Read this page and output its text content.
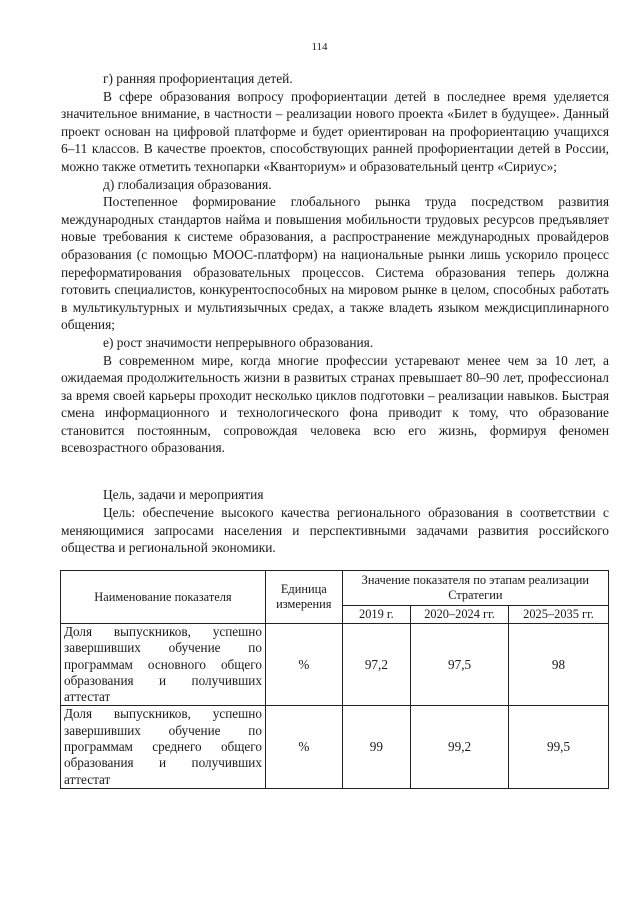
114

г) ранняя профориентация детей.

В сфере образования вопросу профориентации детей в последнее время уделяется значительное внимание, в частности – реализации нового проекта «Билет в будущее». Данный проект основан на цифровой платформе и будет ориентирован на профориентацию учащихся 6–11 классов. В качестве проектов, способствующих ранней профориентации детей в России, можно также отметить технопарки «Кванториум» и образовательный центр «Сириус»;

д) глобализация образования.

Постепенное формирование глобального рынка труда посредством развития международных стандартов найма и повышения мобильности трудовых ресурсов предъявляет новые требования к системе образования, а распространение международных провайдеров образования (с помощью МООС-платформ) на национальные рынки лишь ускорило процесс переформатирования образовательных процессов. Система образования теперь должна готовить специалистов, конкурентоспособных на мировом рынке в целом, способных работать в мультикультурных и мультиязычных средах, а также владеть языком междисциплинарного общения;

е) рост значимости непрерывного образования.

В современном мире, когда многие профессии устаревают менее чем за 10 лет, а ожидаемая продолжительность жизни в развитых странах превышает 80–90 лет, профессионал за время своей карьеры проходит несколько циклов подготовки – реализации навыков. Быстрая смена информационного и технологического фона приводит к тому, что образование становится постоянным, сопровождая человека всю его жизнь, формируя феномен всевозрастного образования.

Цель, задачи и мероприятия

Цель: обеспечение высокого качества регионального образования в соответствии с меняющимися запросами населения и перспективными задачами развития российского общества и региональной экономики.

Наименование показателя	Единица измерения	Значение показателя по этапам реализации Стратегии		
		2019 г.	2020–2024 гг.	2025–2035 гг.
Доля выпускников, успешно завершивших обучение по программам основного общего образования и получивших аттестат	%	97,2	97,5	98
Доля выпускников, успешно завершивших обучение по программам среднего общего образования и получивших аттестат	%	99	99,2	99,5
